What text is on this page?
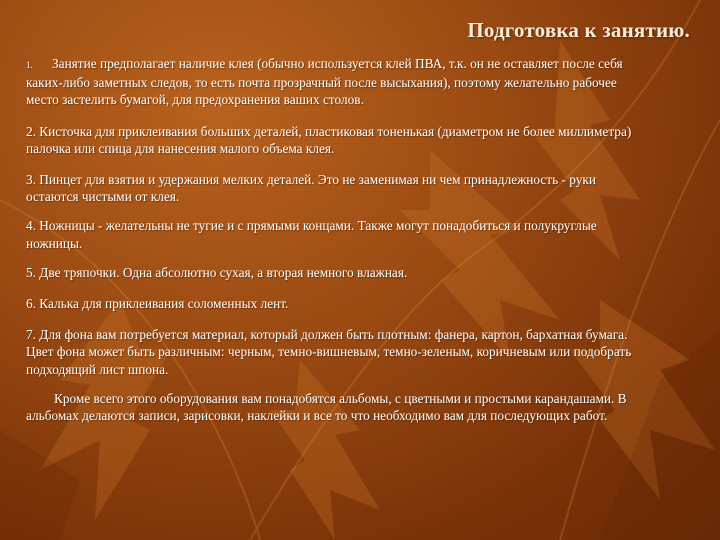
Подготовка к занятию.

1. Занятие предполагает наличие клея (обычно используется клей ПВА, т.к. он не оставляет после себя каких-либо заметных следов, то есть почта прозрачный после высыхания), поэтому желательно рабочее место застелить бумагой, для предохранения ваших столов.

2. Кисточка для приклеивания больших деталей, пластиковая тоненькая (диаметром не более миллиметра) палочка или спица для нанесения малого объема клея.

3. Пинцет для взятия и удержания мелких деталей. Это не заменимая ни чем принадлежность - руки остаются чистыми от клея.

4. Ножницы - желательны не тугие и с прямыми концами. Также могут понадобиться и полукруглые ножницы.

5. Две тряпочки. Одна абсолютно сухая, а вторая немного влажная.

6. Калька для приклеивания соломенных лент.

7. Для фона вам потребуется материал, который должен быть плотным: фанера, картон, бархатная бумага. Цвет фона может быть различным: черным, темно-вишневым, темно-зеленым, коричневым или подобрать подходящий лист шпона.

Кроме всего этого оборудования вам понадобятся альбомы, с цветными и простыми карандашами. В альбомах делаются записи, зарисовки, наклейки и все то что необходимо вам для последующих работ.
